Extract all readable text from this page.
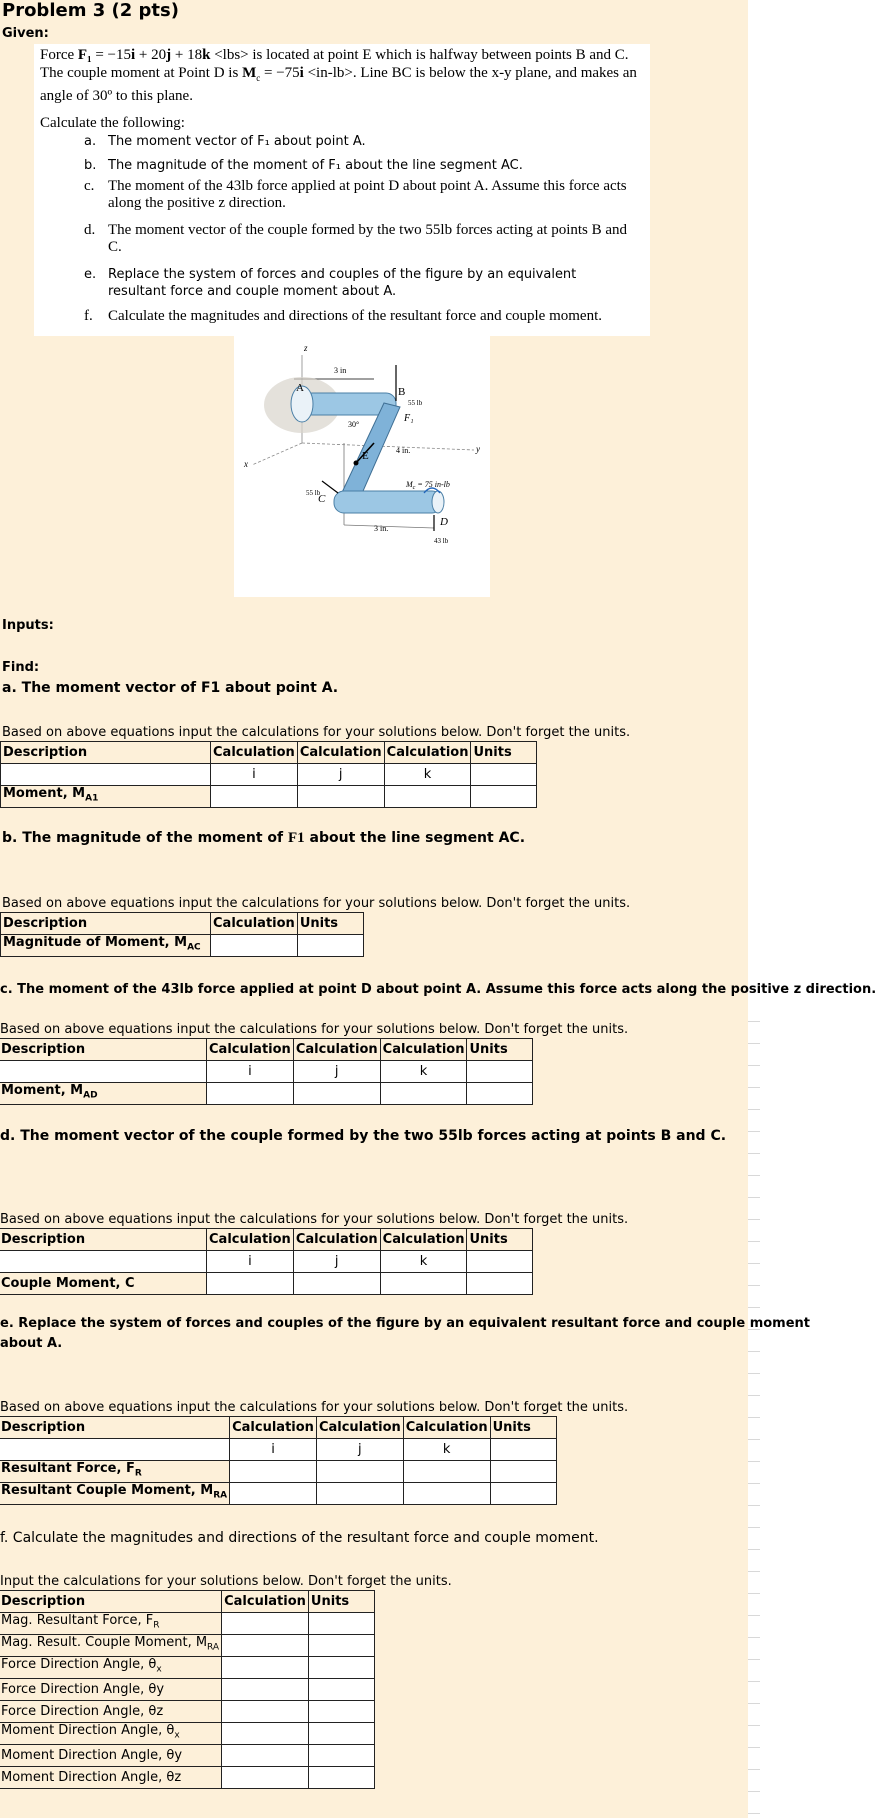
Problem 3 (2 pts)
Given:
Force F₁ = −15i + 20j + 18k <lbs> is located at point E which is halfway between points B and C. The couple moment at Point D is $M_c = -75i <in-lb>$. Line BC is below the x-y plane, and makes an angle of 30º to this plane.
Calculate the following:
a. The moment vector of F₁ about point A.
b. The magnitude of the moment of F₁ about the line segment AC.
c. The moment of the 43lb force applied at point D about point A. Assume this force acts along the positive z direction.
d. The moment vector of the couple formed by the two 55lb forces acting at points B and C.
e. Replace the system of forces and couples of the figure by an equivalent resultant force and couple moment about A.
f. Calculate the magnitudes and directions of the resultant force and couple moment.
z
x
y
A	B
C
D
E
F₁
3 in
3 in.
4 in.
30°
55 lb
55 lb
43 lb
$M_c = 75$ in-lb
Inputs:
Find:
a. The moment vector of F1 about point A.
Based on above equations input the calculations for your solutions below. Don't forget the units.
Description	Calculation	Calculation	Calculation	Units
	i	j	k	
Moment, $M_{A1}$				
b. The magnitude of the moment of F1 about the line segment AC.
Based on above equations input the calculations for your solutions below. Don't forget the units.
Description	Calculation	Units
Magnitude of Moment, $M_{AC}$		
c. The moment of the 43lb force applied at point D about point A. Assume this force acts along the positive z direction.
Based on above equations input the calculations for your solutions below. Don't forget the units.
Description	Calculation	Calculation	Calculation	Units
	i	j	k	
Moment, $M_{AD}$				
d. The moment vector of the couple formed by the two 55lb forces acting at points B and C.
Based on above equations input the calculations for your solutions below. Don't forget the units.
Description	Calculation	Calculation	Calculation	Units
	i	j	k	
Couple Moment, C				
e. Replace the system of forces and couples of the figure by an equivalent resultant force and couple moment
about A.
Based on above equations input the calculations for your solutions below. Don't forget the units.
Description	Calculation	Calculation	Calculation	Units
	i	j	k	
Resultant Force, $F_R$				
Resultant Couple Moment, $M_{RA}$				
f. Calculate the magnitudes and directions of the resultant force and couple moment.
Input the calculations for your solutions below. Don't forget the units.
Description	Calculation	Units
Mag. Resultant Force, $F_R$		
Mag. Result. Couple Moment, $M_{RA}$		
Force Direction Angle, $\theta_x$		
Force Direction Angle, θy		
Force Direction Angle, θz		
Moment Direction Angle, $\theta_x$		
Moment Direction Angle, θy		
Moment Direction Angle, θz		
